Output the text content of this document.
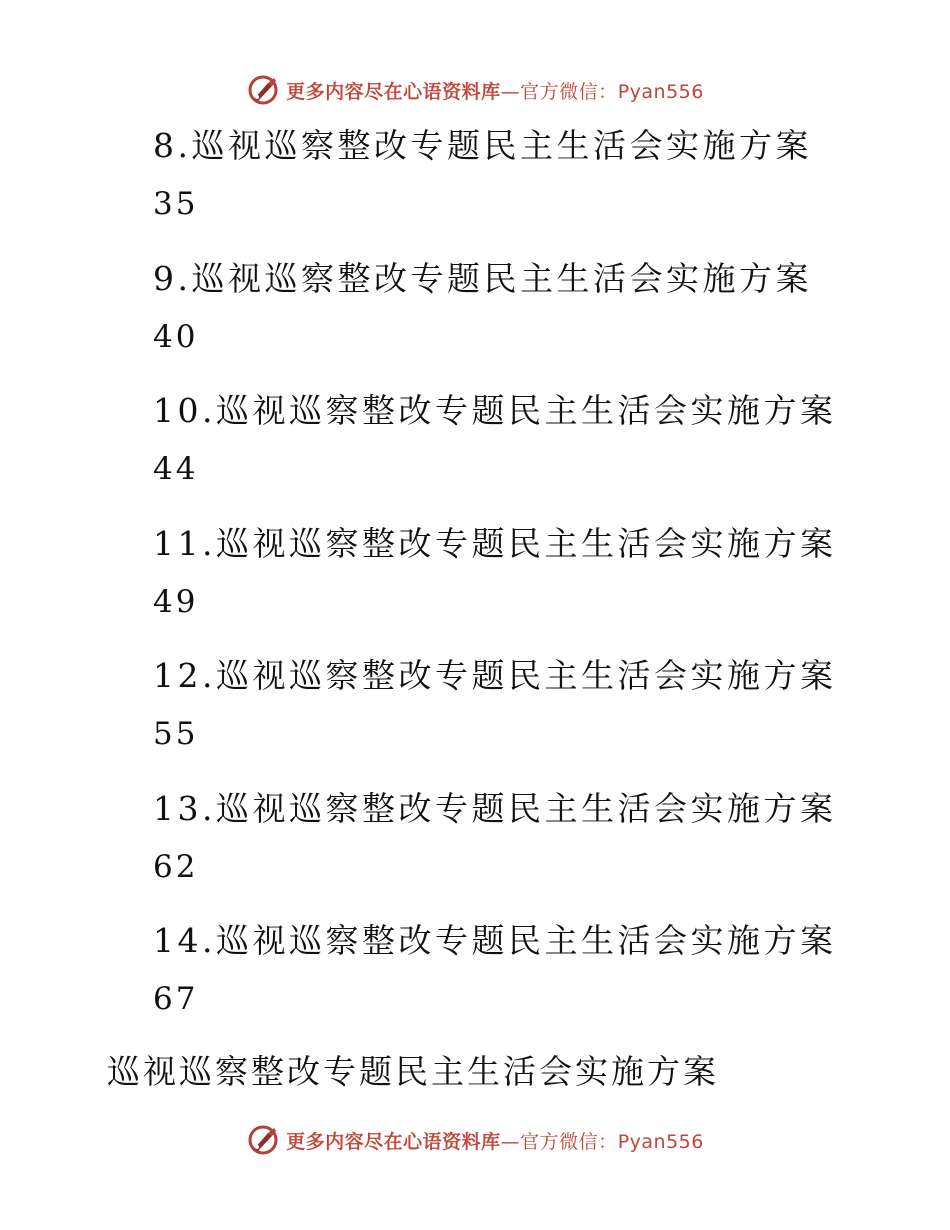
更多内容尽在心语资料库—官方微信：Pyan556
8.巡视巡察整改专题民主生活会实施方案
35
9.巡视巡察整改专题民主生活会实施方案
40
10.巡视巡察整改专题民主生活会实施方案
44
11.巡视巡察整改专题民主生活会实施方案
49
12.巡视巡察整改专题民主生活会实施方案
55
13.巡视巡察整改专题民主生活会实施方案
62
14.巡视巡察整改专题民主生活会实施方案
67
巡视巡察整改专题民主生活会实施方案
更多内容尽在心语资料库—官方微信：Pyan556
